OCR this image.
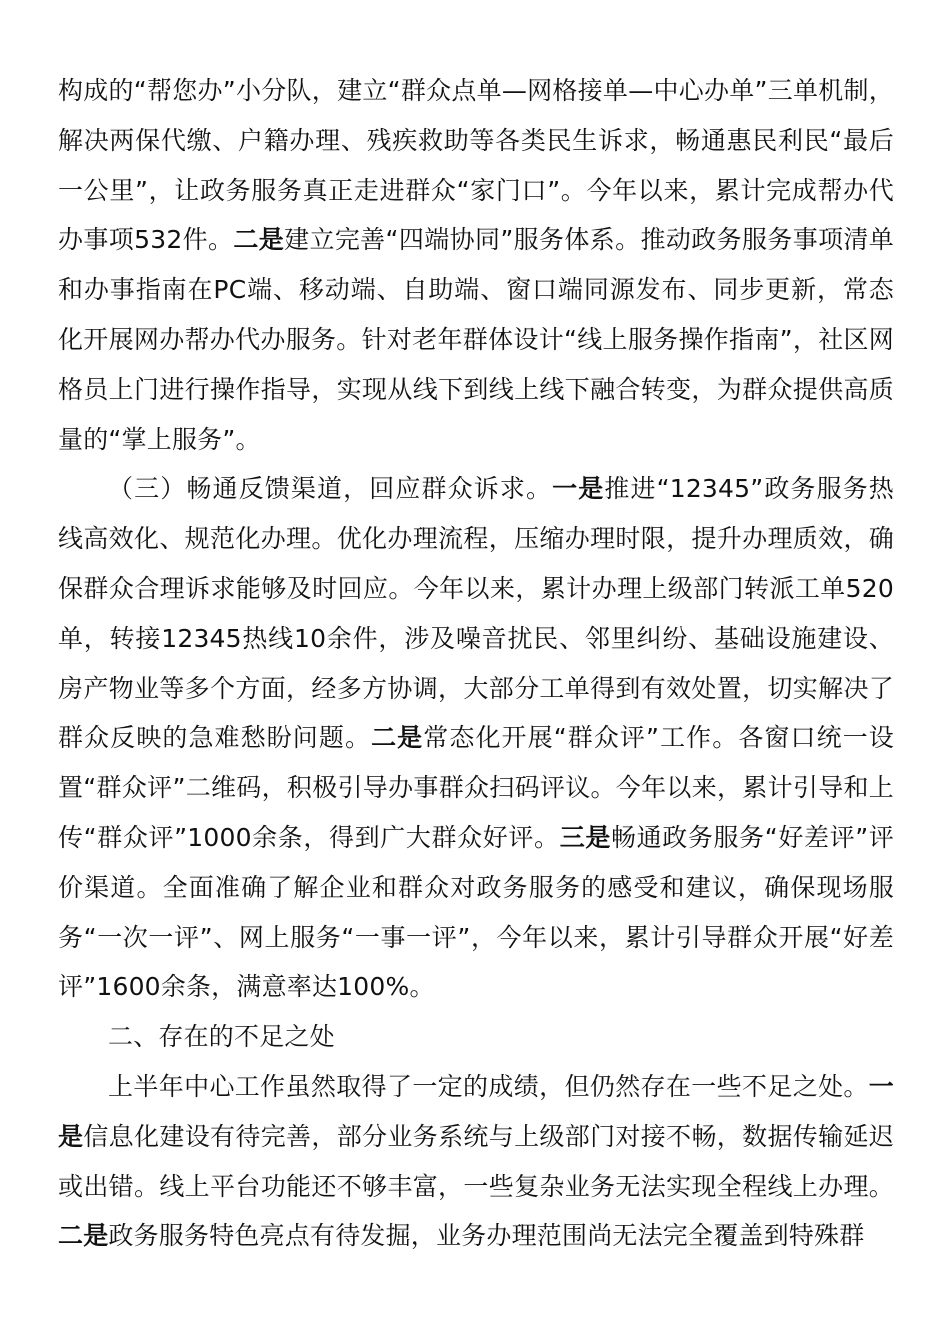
构成的“帮您办”小分队，建立“群众点单—网格接单—中心办单”三单机制，解决两保代缴、户籍办理、残疾救助等各类民生诉求，畅通惠民利民“最后一公里”，让政务服务真正走进群众“家门口”。今年以来，累计完成帮办代办事项532件。二是建立完善“四端协同”服务体系。推动政务服务事项清单和办事指南在PC端、移动端、自助端、窗口端同源发布、同步更新，常态化开展网办帮办代办服务。针对老年群体设计“线上服务操作指南”，社区网格员上门进行操作指导，实现从线下到线上线下融合转变，为群众提供高质量的“掌上服务”。

（三）畅通反馈渠道，回应群众诉求。一是推进“12345”政务服务热线高效化、规范化办理。优化办理流程，压缩办理时限，提升办理质效，确保群众合理诉求能够及时回应。今年以来，累计办理上级部门转派工单520单，转接12345热线10余件，涉及噪音扰民、邻里纠纷、基础设施建设、房产物业等多个方面，经多方协调，大部分工单得到有效处置，切实解决了群众反映的急难愁盼问题。二是常态化开展“群众评”工作。各窗口统一设置“群众评”二维码，积极引导办事群众扫码评议。今年以来，累计引导和上传“群众评”1000余条，得到广大群众好评。三是畅通政务服务“好差评”评价渠道。全面准确了解企业和群众对政务服务的感受和建议，确保现场服务“一次一评”、网上服务“一事一评”，今年以来，累计引导群众开展“好差评”1600余条，满意率达100%。

二、存在的不足之处

上半年中心工作虽然取得了一定的成绩，但仍然存在一些不足之处。一是信息化建设有待完善，部分业务系统与上级部门对接不畅，数据传输延迟或出错。线上平台功能还不够丰富，一些复杂业务无法实现全程线上办理。二是政务服务特色亮点有待发掘，业务办理范围尚无法完全覆盖到特殊群
